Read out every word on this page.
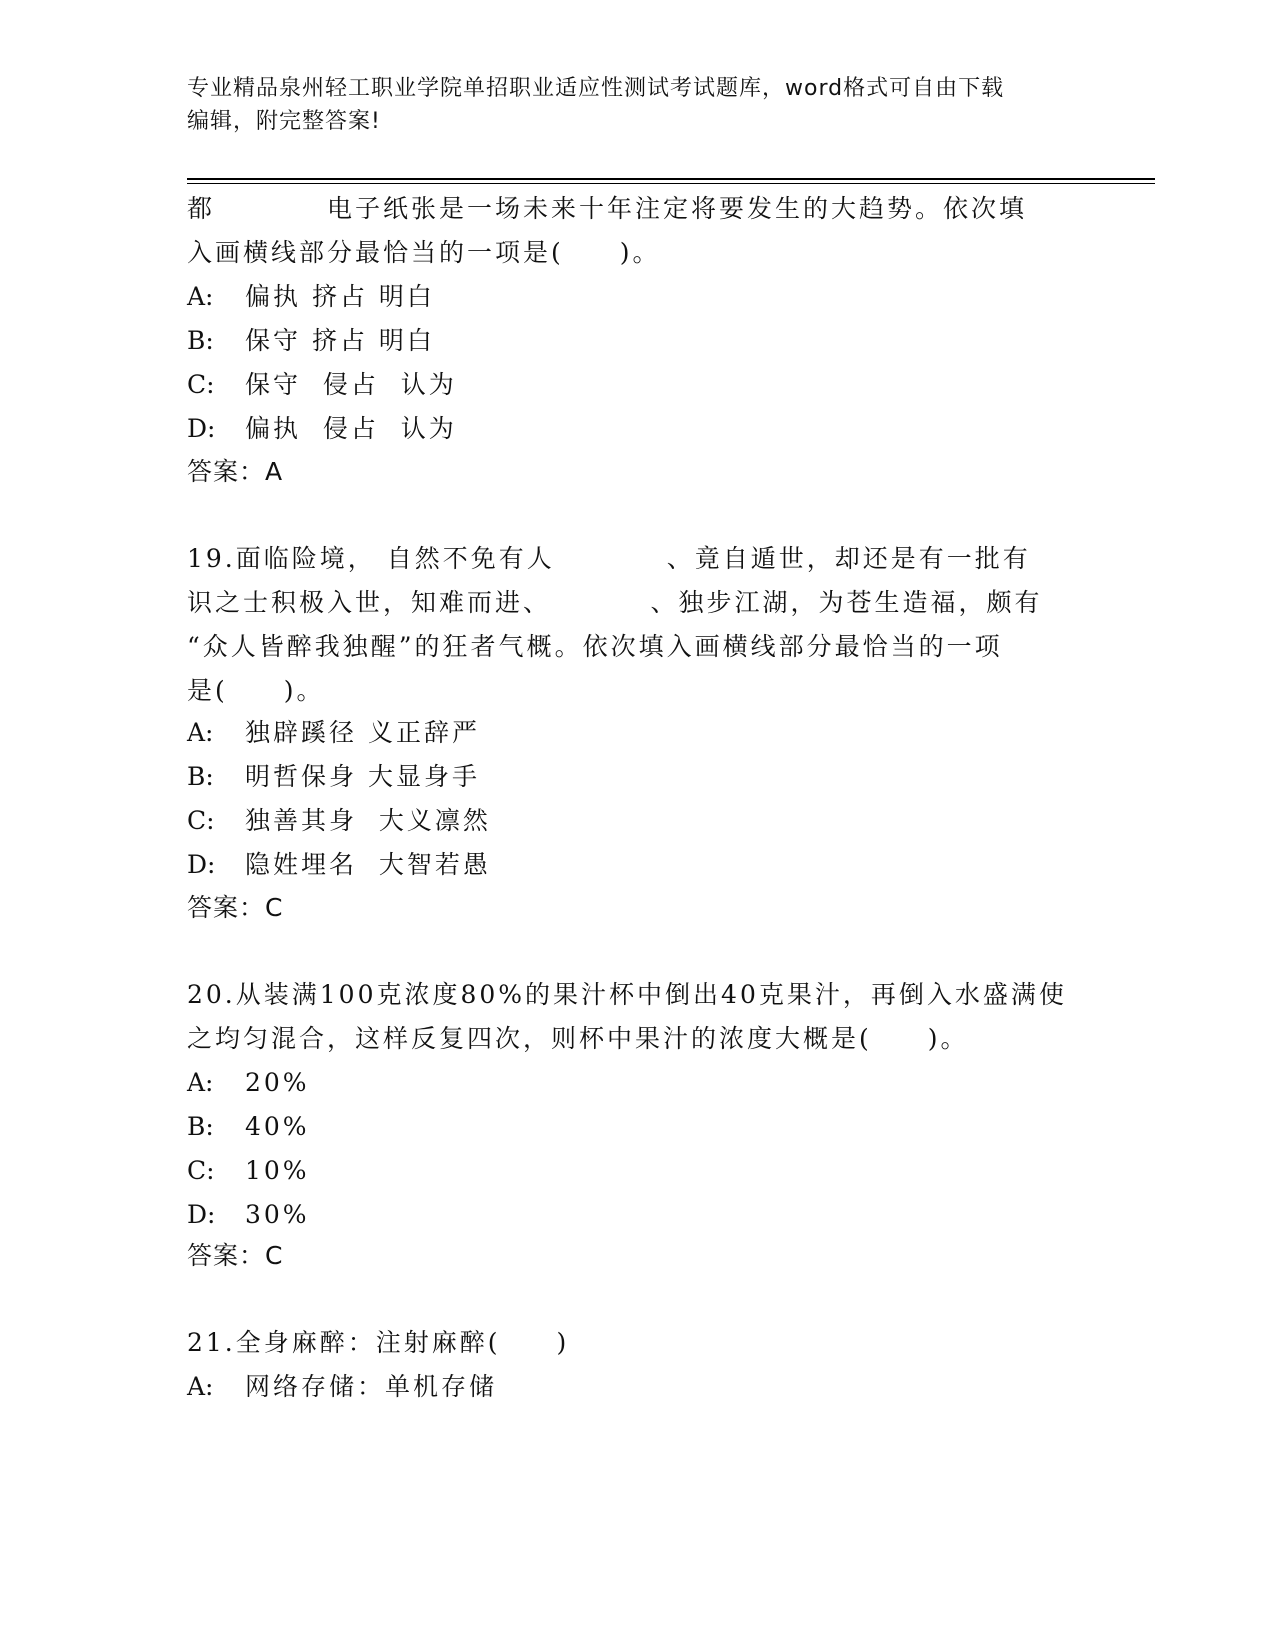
专业精品泉州轻工职业学院单招职业适应性测试考试题库，word格式可自由下载
编辑，附完整答案!
都　　　　电子纸张是一场未来十年注定将要发生的大趋势。依次填
入画横线部分最恰当的一项是(　　)。
A: 偏执 挤占 明白
B: 保守 挤占 明白
C: 保守  侵占  认为
D: 偏执  侵占  认为
答案：A
19.面临险境， 自然不免有人　　　　、竟自遁世，却还是有一批有
识之士积极入世，知难而进、　　　　、独步江湖，为苍生造福，颇有
“众人皆醉我独醒”的狂者气概。依次填入画横线部分最恰当的一项
是(　　)。
A: 独辟蹊径 义正辞严
B: 明哲保身 大显身手
C: 独善其身  大义凛然
D: 隐姓埋名  大智若愚
答案：C
20.从装满100克浓度80%的果汁杯中倒出40克果汁，再倒入水盛满使
之均匀混合，这样反复四次，则杯中果汁的浓度大概是(　　)。
A: 20%
B: 40%
C: 10%
D: 30%
答案：C
21.全身麻醉：注射麻醉(　　)
A: 网络存储：单机存储
